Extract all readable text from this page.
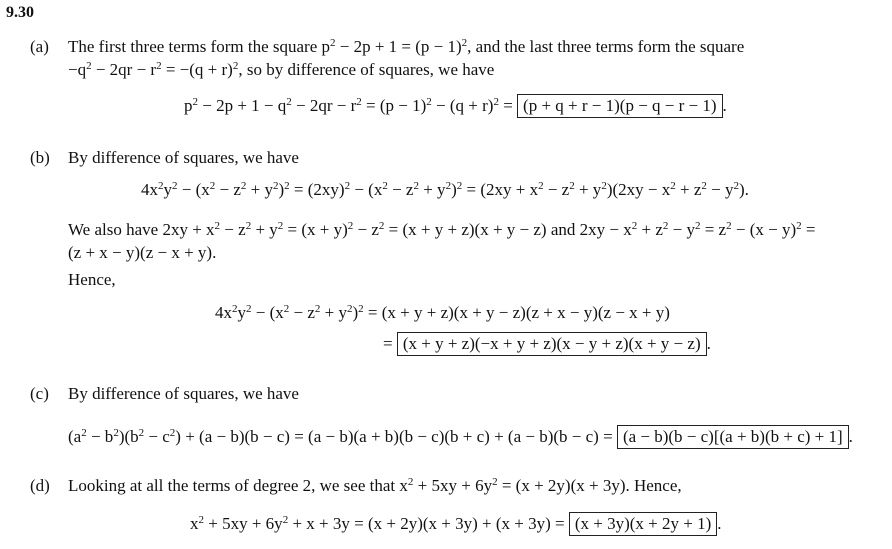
9.30
(a) The first three terms form the square $p^2 - 2p + 1 = (p - 1)^2$, and the last three terms form the square
$-q^2 - 2qr - r^2 = -(q + r)^2$, so by difference of squares, we have
$p^2 - 2p + 1 - q^2 - 2qr - r^2 = (p - 1)^2 - (q + r)^2 = (p + q + r - 1)(p - q - r - 1)$ .
(b) By difference of squares, we have
$4x^2y^2 - (x^2 - z^2 + y^2)^2 = (2xy)^2 - (x^2 - z^2 + y^2)^2 = (2xy + x^2 - z^2 + y^2)(2xy - x^2 + z^2 - y^2)$.
We also have $2xy + x^2 - z^2 + y^2 = (x + y)^2 - z^2 = (x + y + z)(x + y - z)$ and $2xy - x^2 + z^2 - y^2 = z^2 - (x - y)^2$ =
(z + x − y)(z − x + y).
Hence,
$4x^2y^2 - (x^2 - z^2 + y^2)^2 = (x + y + z)(x + y - z)(z + x - y)(z - x + y)$
= (x + y + z)(−x + y + z)(x − y + z)(x + y − z) .
(c) By difference of squares, we have
$(a^2 - b^2)(b^2 - c^2) + (a - b)(b - c) = (a - b)(a + b)(b - c)(b + c) + (a - b)(b - c) = (a - b)(b - c)[(a + b)(b + c) + 1]$ .
(d) Looking at all the terms of degree 2, we see that $x^2 + 5xy + 6y^2 = (x + 2y)(x + 3y)$. Hence,
$x^2 + 5xy + 6y^2 + x + 3y = (x + 2y)(x + 3y) + (x + 3y) = (x + 3y)(x + 2y + 1)$ .
